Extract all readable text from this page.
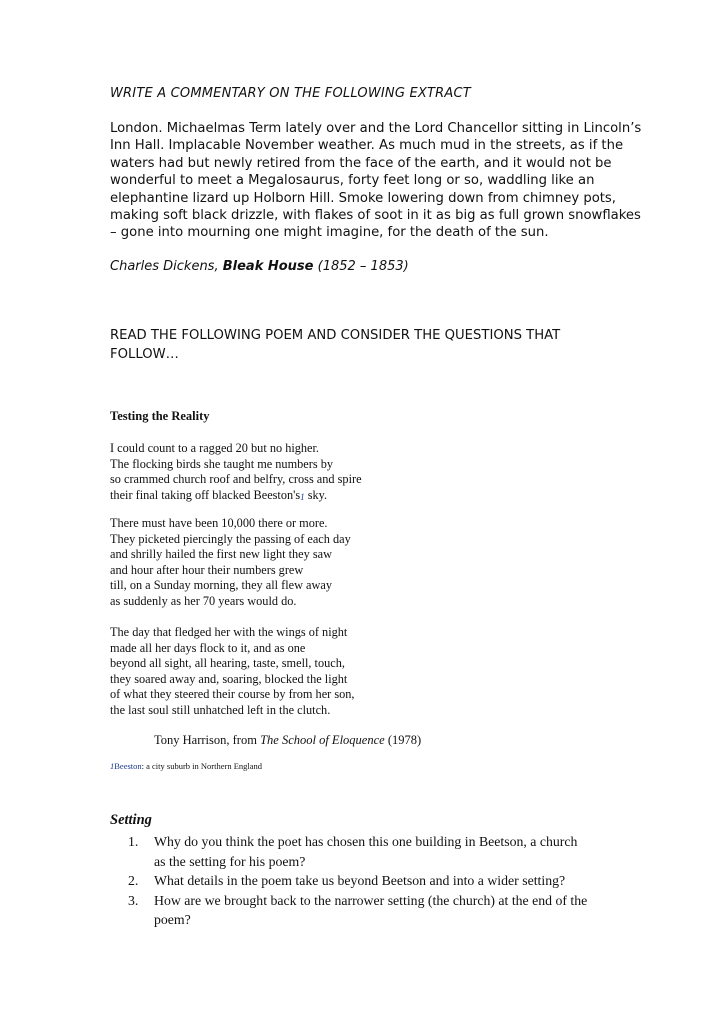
WRITE A COMMENTARY ON THE FOLLOWING EXTRACT
London. Michaelmas Term lately over and the Lord Chancellor sitting in Lincoln’s
Inn Hall. Implacable November weather. As much mud in the streets, as if the
waters had but newly retired from the face of the earth, and it would not be
wonderful to meet a Megalosaurus, forty feet long or so, waddling like an
elephantine lizard up Holborn Hill. Smoke lowering down from chimney pots,
making soft black drizzle, with flakes of soot in it as big as full grown snowflakes
– gone into mourning one might imagine, for the death of the sun.
Charles Dickens, Bleak House (1852 – 1853)
READ THE FOLLOWING POEM AND CONSIDER THE QUESTIONS THAT
FOLLOW…
Testing the Reality
I could count to a ragged 20 but no higher.
The flocking birds she taught me numbers by
so crammed church roof and belfry, cross and spire
their final taking off blacked Beeston's1 sky.
There must have been 10,000 there or more.
They picketed piercingly the passing of each day
and shrilly hailed the first new light they saw
and hour after hour their numbers grew
till, on a Sunday morning, they all flew away
as suddenly as her 70 years would do.
The day that fledged her with the wings of night
made all her days flock to it, and as one
beyond all sight, all hearing, taste, smell, touch,
they soared away and, soaring, blocked the light
of what they steered their course by from her son,
the last soul still unhatched left in the clutch.
Tony Harrison, from The School of Eloquence (1978)
1Beeston: a city suburb in Northern England
Setting
1.	Why do you think the poet has chosen this one building in Beetson, a church
as the setting for his poem?
2.	What details in the poem take us beyond Beetson and into a wider setting?
3.	How are we brought back to the narrower setting (the church) at the end of the
poem?
